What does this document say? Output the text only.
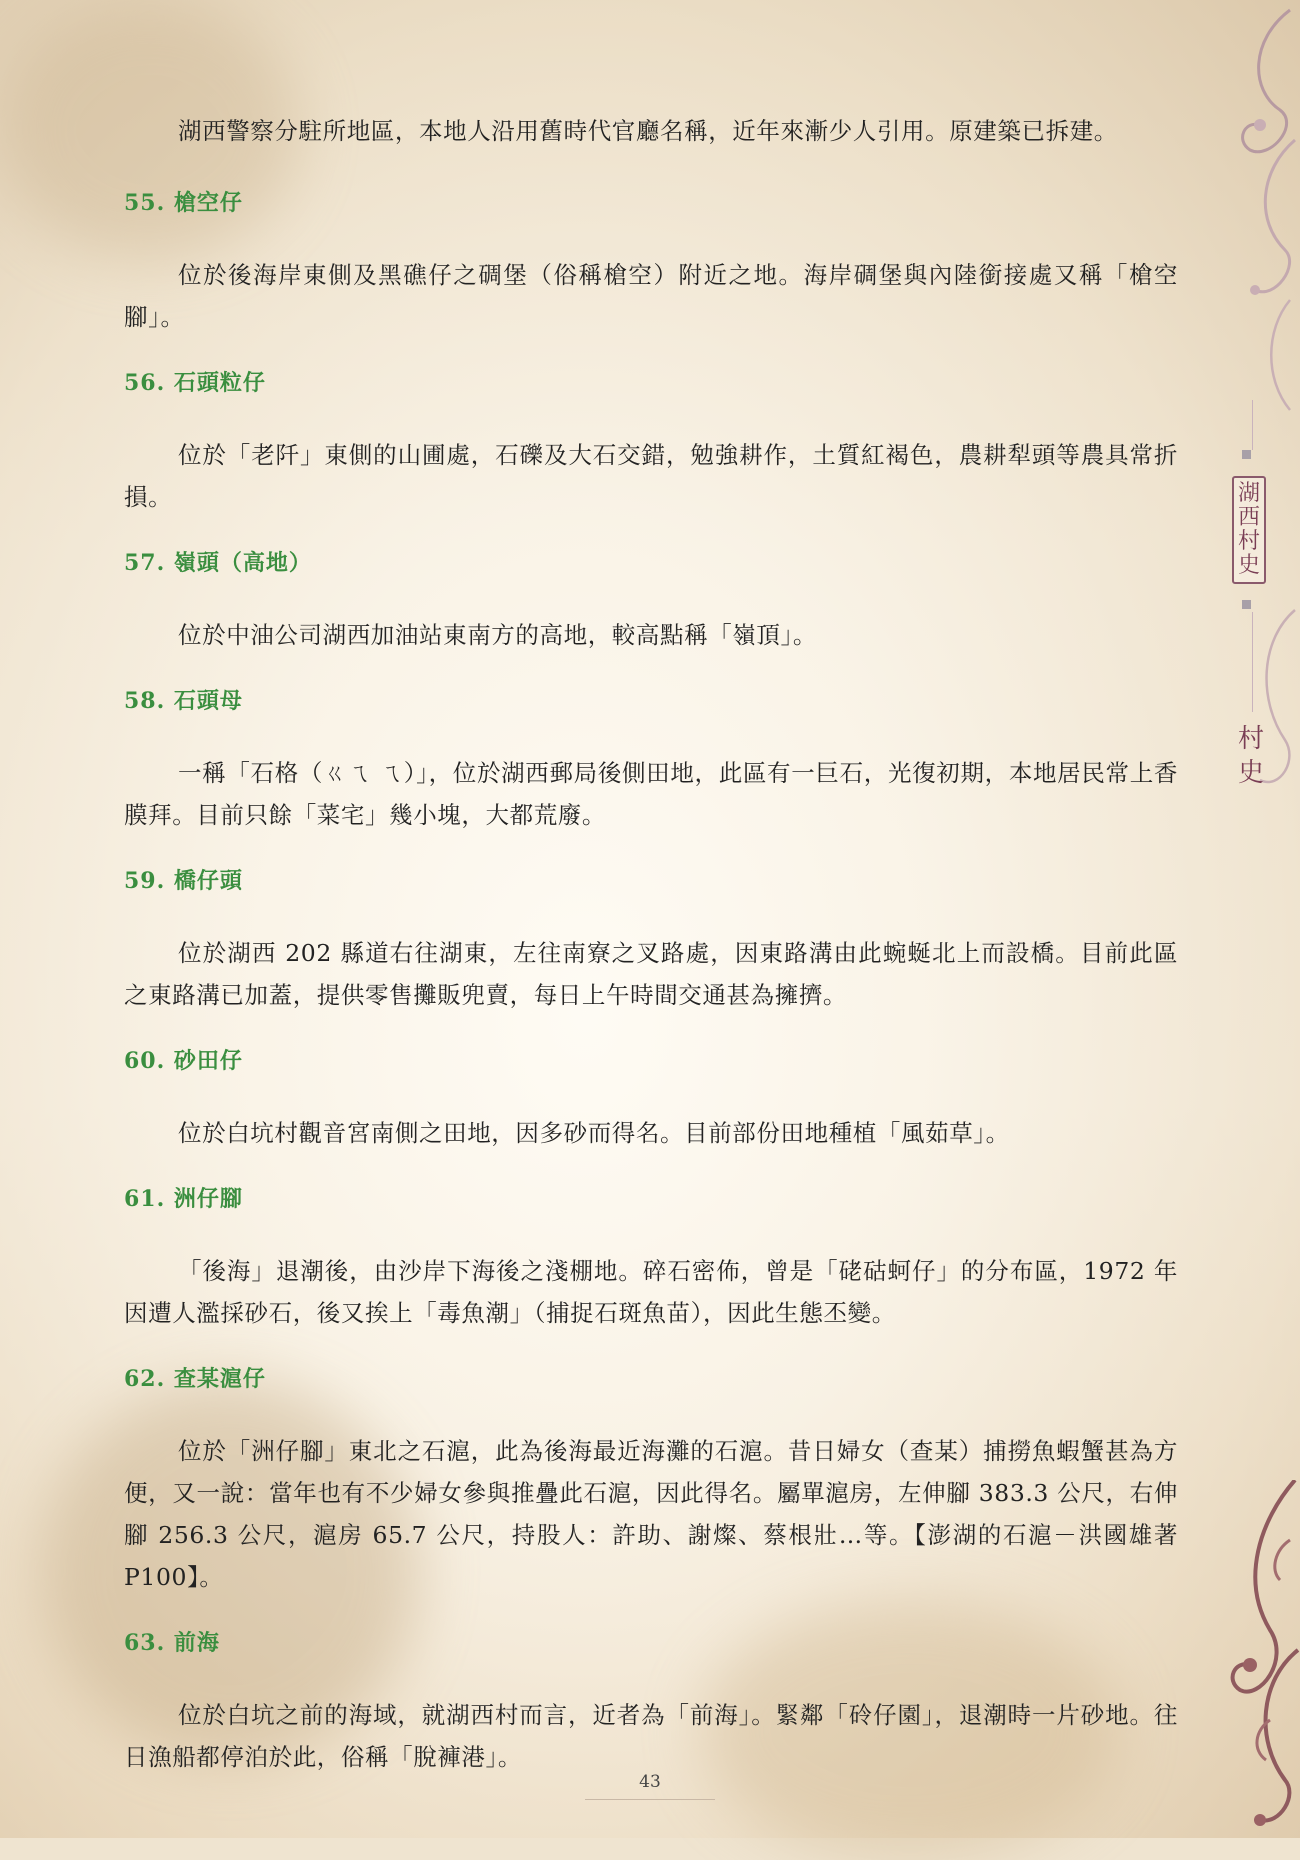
湖
西
村
史
村
史

湖西警察分駐所地區，本地人沿用舊時代官廳名稱，近年來漸少人引用。原建築已拆建。

55. 槍空仔

位於後海岸東側及黑礁仔之碉堡（俗稱槍空）附近之地。海岸碉堡與內陸銜接處又稱「槍空腳」。

56. 石頭粒仔

位於「老阡」東側的山圃處，石礫及大石交錯，勉強耕作，土質紅褐色，農耕犁頭等農具常折損。

57. 嶺頭（高地）

位於中油公司湖西加油站東南方的高地，較高點稱「嶺頂」。

58. 石頭母

一稱「石格（ㄍㄟ ㄟ）」，位於湖西郵局後側田地，此區有一巨石，光復初期，本地居民常上香膜拜。目前只餘「菜宅」幾小塊，大都荒廢。

59. 橋仔頭

位於湖西 202 縣道右往湖東，左往南寮之叉路處，因東路溝由此蜿蜒北上而設橋。目前此區之東路溝已加蓋，提供零售攤販兜賣，每日上午時間交通甚為擁擠。

60. 砂田仔

位於白坑村觀音宮南側之田地，因多砂而得名。目前部份田地種植「風茹草」。

61. 洲仔腳

「後海」退潮後，由沙岸下海後之淺棚地。碎石密佈，曾是「硓𥑮蚵仔」的分布區，1972 年因遭人濫採砂石，後又挨上「毒魚潮」（捕捉石斑魚苗），因此生態丕變。

62. 查某滬仔

位於「洲仔腳」東北之石滬，此為後海最近海灘的石滬。昔日婦女（查某）捕撈魚蝦蟹甚為方便，又一說：當年也有不少婦女參與推疊此石滬，因此得名。屬單滬房，左伸腳 383.3 公尺，右伸腳 256.3 公尺，滬房 65.7 公尺，持股人：許助、謝燦、蔡根壯…等。【澎湖的石滬－洪國雄著 P100】。

63. 前海

位於白坑之前的海域，就湖西村而言，近者為「前海」。緊鄰「砱仔園」，退潮時一片砂地。往日漁船都停泊於此，俗稱「脫褲港」。

43
